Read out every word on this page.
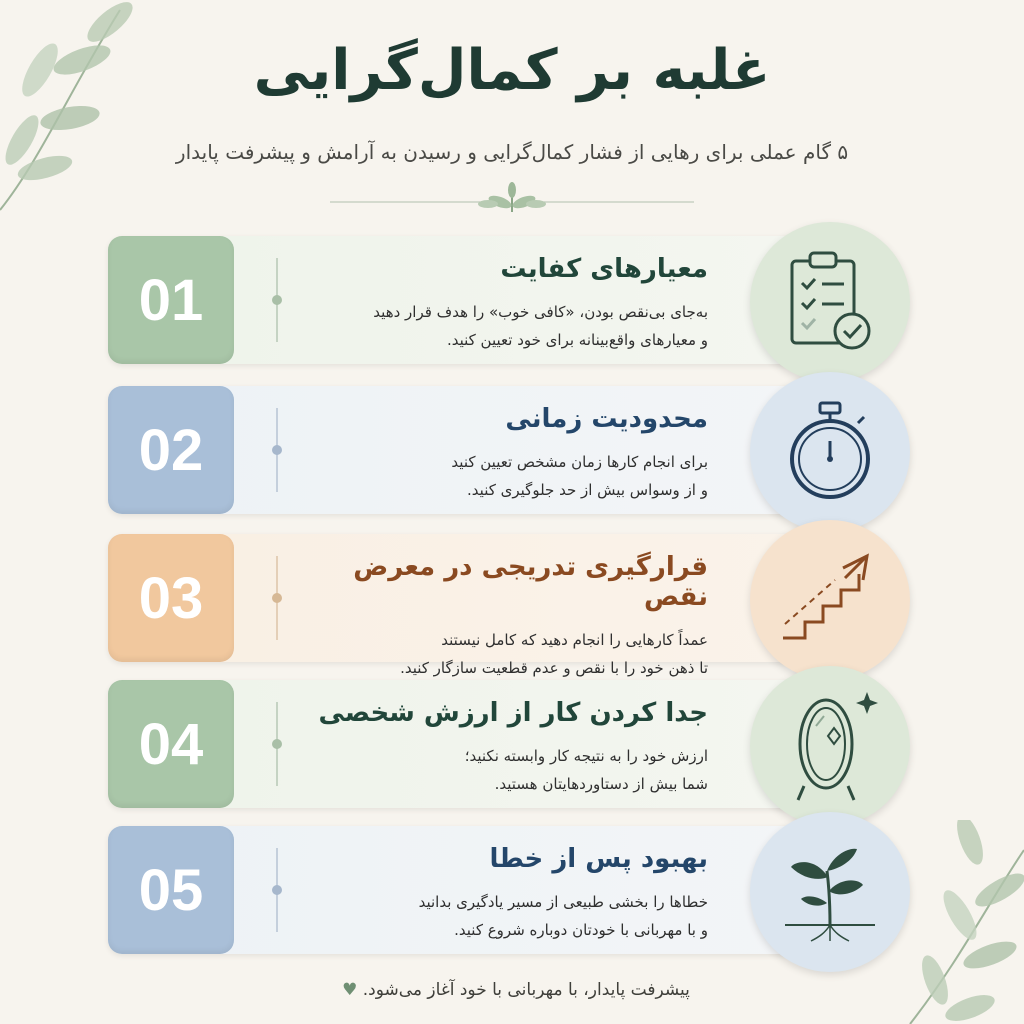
غلبه بر کمال‌گرایی
۵ گام عملی برای رهایی از فشار کمال‌گرایی و رسیدن به آرامش و پیشرفت پایدار
01	معیارهای کفایت
به‌جای بی‌نقص بودن، «کافی خوب» را هدف قرار دهید
و معیارهای واقع‌بینانه برای خود تعیین کنید.
02	محدودیت زمانی
برای انجام کارها زمان مشخص تعیین کنید
و از وسواس بیش از حد جلوگیری کنید.
03	قرارگیری تدریجی در معرض نقص
عمداً کارهایی را انجام دهید که کامل نیستند
تا ذهن خود را با نقص و عدم قطعیت سازگار کنید.
04	جدا کردن کار از ارزش شخصی
ارزش خود را به نتیجه کار وابسته نکنید؛
شما بیش از دستاوردهایتان هستید.
05	بهبود پس از خطا
خطاها را بخشی طبیعی از مسیر یادگیری بدانید
و با مهربانی با خودتان دوباره شروع کنید.
پیشرفت پایدار، با مهربانی با خود آغاز می‌شود. ♥
